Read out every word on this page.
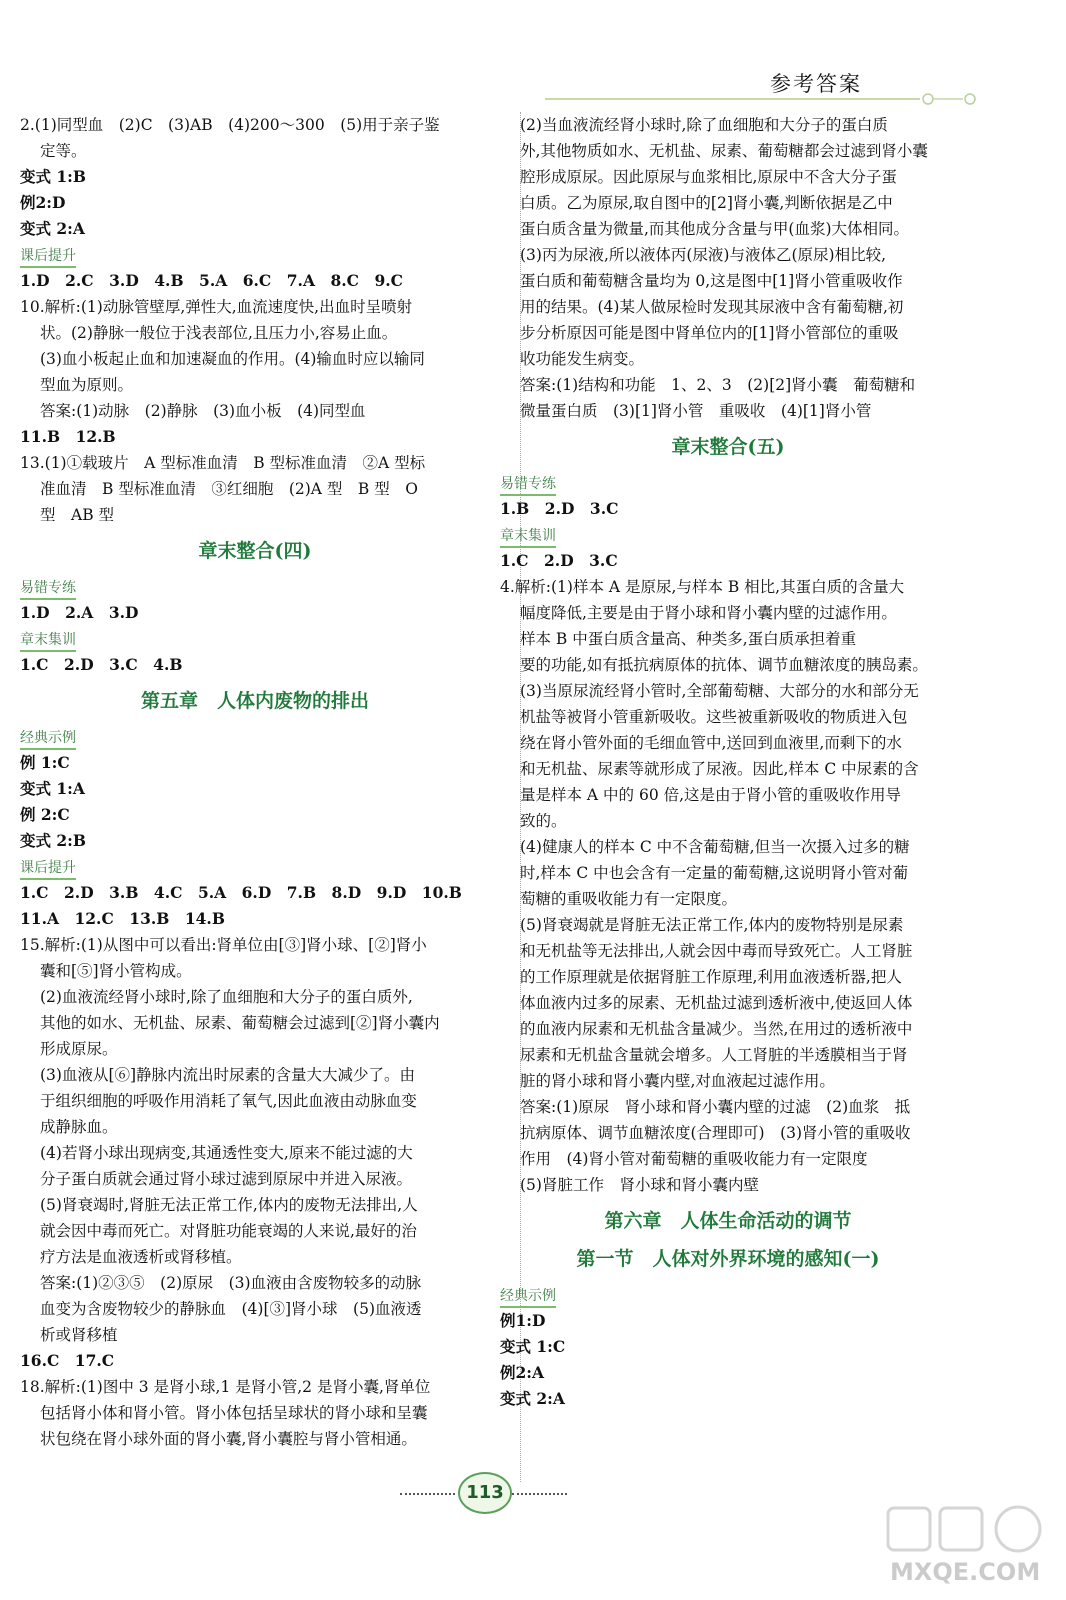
参考答案
2.(1)同型血　(2)C　(3)AB　(4)200～300　(5)用于亲子鉴
定等。
变式 1:B
例2:D
变式 2:A
课后提升
1.D　2.C　3.D　4.B　5.A　6.C　7.A　8.C　9.C
10.解析:(1)动脉管壁厚,弹性大,血流速度快,出血时呈喷射
状。(2)静脉一般位于浅表部位,且压力小,容易止血。
(3)血小板起止血和加速凝血的作用。(4)输血时应以输同
型血为原则。
答案:(1)动脉　(2)静脉　(3)血小板　(4)同型血
11.B　12.B
13.(1)①载玻片　A 型标准血清　B 型标准血清　②A 型标
准血清　B 型标准血清　③红细胞　(2)A 型　B 型　O
型　AB 型
章末整合(四)
易错专练
1.D　2.A　3.D
章末集训
1.C　2.D　3.C　4.B
第五章　人体内废物的排出
经典示例
例 1:C
变式 1:A
例 2:C
变式 2:B
课后提升
1.C　2.D　3.B　4.C　5.A　6.D　7.B　8.D　9.D　10.B
11.A　12.C　13.B　14.B
15.解析:(1)从图中可以看出:肾单位由[③]肾小球、[②]肾小
囊和[⑤]肾小管构成。
(2)血液流经肾小球时,除了血细胞和大分子的蛋白质外,
其他的如水、无机盐、尿素、葡萄糖会过滤到[②]肾小囊内
形成原尿。
(3)血液从[⑥]静脉内流出时尿素的含量大大减少了。由
于组织细胞的呼吸作用消耗了氧气,因此血液由动脉血变
成静脉血。
(4)若肾小球出现病变,其通透性变大,原来不能过滤的大
分子蛋白质就会通过肾小球过滤到原尿中并进入尿液。
(5)肾衰竭时,肾脏无法正常工作,体内的废物无法排出,人
就会因中毒而死亡。对肾脏功能衰竭的人来说,最好的治
疗方法是血液透析或肾移植。
答案:(1)②③⑤　(2)原尿　(3)血液由含废物较多的动脉
血变为含废物较少的静脉血　(4)[③]肾小球　(5)血液透
析或肾移植
16.C　17.C
18.解析:(1)图中 3 是肾小球,1 是肾小管,2 是肾小囊,肾单位
包括肾小体和肾小管。肾小体包括呈球状的肾小球和呈囊
状包绕在肾小球外面的肾小囊,肾小囊腔与肾小管相通。
(2)当血液流经肾小球时,除了血细胞和大分子的蛋白质
外,其他物质如水、无机盐、尿素、葡萄糖都会过滤到肾小囊
腔形成原尿。因此原尿与血浆相比,原尿中不含大分子蛋
白质。乙为原尿,取自图中的[2]肾小囊,判断依据是乙中
蛋白质含量为微量,而其他成分含量与甲(血浆)大体相同。
(3)丙为尿液,所以液体丙(尿液)与液体乙(原尿)相比较,
蛋白质和葡萄糖含量均为 0,这是图中[1]肾小管重吸收作
用的结果。(4)某人做尿检时发现其尿液中含有葡萄糖,初
步分析原因可能是图中肾单位内的[1]肾小管部位的重吸
收功能发生病变。
答案:(1)结构和功能　1、2、3　(2)[2]肾小囊　葡萄糖和
微量蛋白质　(3)[1]肾小管　重吸收　(4)[1]肾小管
章末整合(五)
易错专练
1.B　2.D　3.C
章末集训
1.C　2.D　3.C
4.解析:(1)样本 A 是原尿,与样本 B 相比,其蛋白质的含量大
幅度降低,主要是由于肾小球和肾小囊内壁的过滤作用。
样本 B 中蛋白质含量高、种类多,蛋白质承担着重
要的功能,如有抵抗病原体的抗体、调节血糖浓度的胰岛素。
(3)当原尿流经肾小管时,全部葡萄糖、大部分的水和部分无
机盐等被肾小管重新吸收。这些被重新吸收的物质进入包
绕在肾小管外面的毛细血管中,送回到血液里,而剩下的水
和无机盐、尿素等就形成了尿液。因此,样本 C 中尿素的含
量是样本 A 中的 60 倍,这是由于肾小管的重吸收作用导
致的。
(4)健康人的样本 C 中不含葡萄糖,但当一次摄入过多的糖
时,样本 C 中也会含有一定量的葡萄糖,这说明肾小管对葡
萄糖的重吸收能力有一定限度。
(5)肾衰竭就是肾脏无法正常工作,体内的废物特别是尿素
和无机盐等无法排出,人就会因中毒而导致死亡。人工肾脏
的工作原理就是依据肾脏工作原理,利用血液透析器,把人
体血液内过多的尿素、无机盐过滤到透析液中,使返回人体
的血液内尿素和无机盐含量减少。当然,在用过的透析液中
尿素和无机盐含量就会增多。人工肾脏的半透膜相当于肾
脏的肾小球和肾小囊内壁,对血液起过滤作用。
答案:(1)原尿　肾小球和肾小囊内壁的过滤　(2)血浆　抵
抗病原体、调节血糖浓度(合理即可)　(3)肾小管的重吸收
作用　(4)肾小管对葡萄糖的重吸收能力有一定限度
(5)肾脏工作　肾小球和肾小囊内壁
第六章　人体生命活动的调节
第一节　人体对外界环境的感知(一)
经典示例
例1:D
变式 1:C
例2:A
变式 2:A
113
MXQE.COM
